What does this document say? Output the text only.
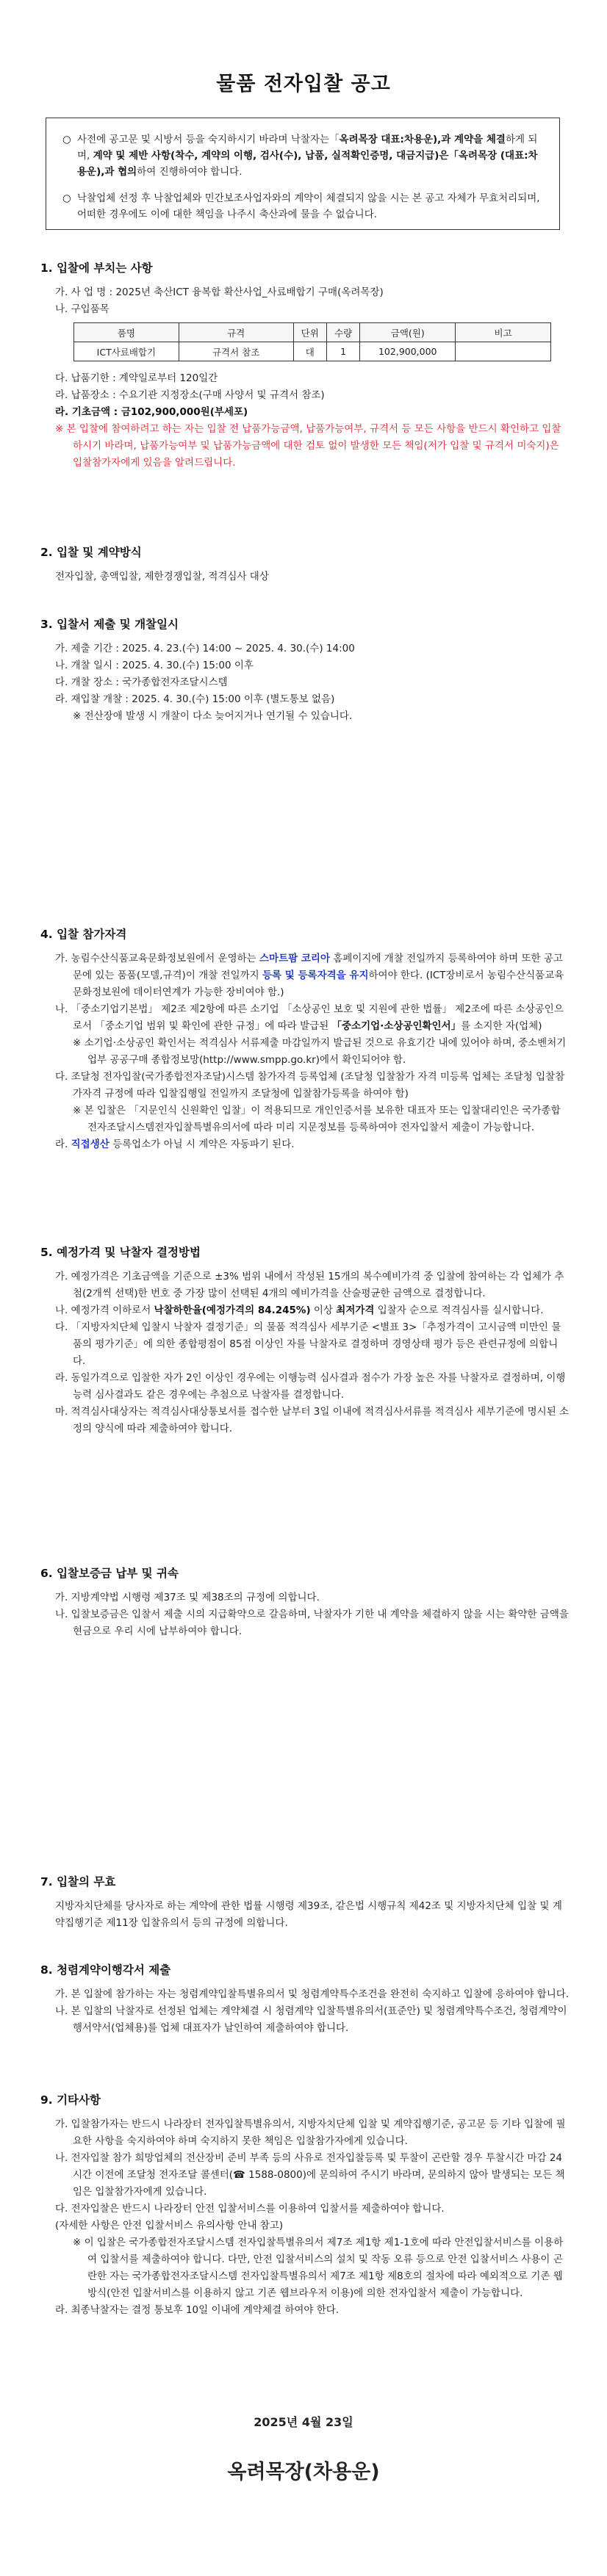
물품 전자입찰 공고

○ 사전에 공고문 및 시방서 등을 숙지하시기 바라며 낙찰자는「옥려목장 대표:차용운),과 계약을 체결하게 되며, 계약 및 제반 사항(착수, 계약의 이행, 검사(수), 납품, 실적확인증명, 대금지급)은「옥려목장 (대표:차용운),과 협의하여 진행하여야 합니다.

○ 낙찰업체 선정 후 낙찰업체와 민간보조사업자와의 계약이 체결되지 않을 시는 본 공고 자체가 무효처리되며, 어떠한 경우에도 이에 대한 책임을 나주시 축산과에 물을 수 없습니다.

1. 입찰에 부치는 사항
가. 사 업 명 : 2025년 축산ICT 융복합 확산사업_사료배합기 구매(옥려목장)
나. 구입품목
품명	규격	단위	수량	금액(원)	비고
ICT사료배합기	규격서 참조	대	1	102,900,000	
다. 납품기한 : 계약일로부터 120일간
라. 납품장소 : 수요기관 지정장소(구매 사양서 및 규격서 참조)
라. 기초금액 : 금102,900,000원(부세포)
※ 본 입찰에 참여하려고 하는 자는 입찰 전 납품가능금액, 납품가능여부, 규격서 등 모든 사항을 반드시 확인하고 입찰하시기 바라며, 납품가능여부 및 납품가능금액에 대한 검토 없이 발생한 모든 책임(저가 입찰 및 규격서 미숙지)은 입찰참가자에게 있음을 알려드립니다.
2. 입찰 및 계약방식
전자입찰, 총액입찰, 제한경쟁입찰, 적격심사 대상
3. 입찰서 제출 및 개찰일시
가. 제출 기간 : 2025. 4. 23.(수) 14:00 ~ 2025. 4. 30.(수) 14:00
나. 개찰 일시 : 2025. 4. 30.(수) 15:00 이후
다. 개찰 장소 : 국가종합전자조달시스템
라. 재입찰 개찰 : 2025. 4. 30.(수) 15:00 이후 (별도통보 없음)
※ 전산장애 발생 시 개찰이 다소 늦어지거나 연기될 수 있습니다.
4. 입찰 참가자격
가. 농림수산식품교육문화정보원에서 운영하는 스마트팜 코리아 홈페이지에 개찰 전일까지 등록하여야 하며 또한 공고문에 있는 품품(모델,규격)이 개찰 전일까지 등록 및 등록자격을 유지하여야 한다. (ICT장비로서 농림수산식품교육문화정보원에 데이터연계가 가능한 장비여야 함.)
나. 「중소기업기본법」 제2조 제2항에 따른 소기업 「소상공인 보호 및 지원에 관한 법률」 제2조에 따른 소상공인으로서 「중소기업 범위 및 확인에 관한 규정」에 따라 발급된 「중소기업·소상공인확인서」를 소지한 자(업체)
※ 소기업·소상공인 확인서는 적격심사 서류제출 마감일까지 발급된 것으로 유효기간 내에 있어야 하며, 중소벤처기업부 공공구매 종합정보망(http://www.smpp.go.kr)에서 확인되어야 함.
다. 조달청 전자입찰(국가종합전자조달)시스템 참가자격 등록업체 (조달청 입찰참가 자격 미등록 업체는 조달청 입찰참가자격 규정에 따라 입찰집행일 전일까지 조달청에 입찰참가등록을 하여야 함)
※ 본 입찰은 「지문인식 신원확인 입찰」이 적용되므로 개인인증서를 보유한 대표자 또는 입찰대리인은 국가종합전자조달시스템전자입찰특별유의서에 따라 미리 지문정보를 등록하여야 전자입찰서 제출이 가능합니다.
라. 직접생산 등록업소가 아닐 시 계약은 자동파기 된다.
5. 예정가격 및 낙찰자 결정방법
가. 예정가격은 기초금액을 기준으로 ±3% 범위 내에서 작성된 15개의 복수예비가격 중 입찰에 참여하는 각 업체가 추첨(2개씩 선택)한 번호 중 가장 많이 선택된 4개의 예비가격을 산술평균한 금액으로 결정합니다.
나. 예정가격 이하로서 낙찰하한율(예정가격의 84.245%) 이상 최저가격 입찰자 순으로 적격심사를 실시합니다.
다. 「지방자치단체 입찰시 낙찰자 결정기준」의 물품 적격심사 세부기준 <별표 3>「추정가격이 고시금액 미만인 물품의 평가기준」에 의한 종합평점이 85점 이상인 자를 낙찰자로 결정하며 경영상태 평가 등은 관련규정에 의합니다.
라. 동일가격으로 입찰한 자가 2인 이상인 경우에는 이행능력 심사결과 점수가 가장 높은 자를 낙찰자로 결정하며, 이행능력 심사결과도 같은 경우에는 추첨으로 낙찰자를 결정합니다.
마. 적격심사대상자는 적격심사대상통보서를 접수한 날부터 3일 이내에 적격심사서류를 적격심사 세부기준에 명시된 소정의 양식에 따라 제출하여야 합니다.
6. 입찰보증금 납부 및 귀속
가. 지방계약법 시행령 제37조 및 제38조의 규정에 의합니다.
나. 입찰보증금은 입찰서 제출 시의 지급확약으로 갈음하며, 낙찰자가 기한 내 계약을 체결하지 않을 시는 확약한 금액을 현금으로 우리 시에 납부하여야 합니다.
7. 입찰의 무효
지방자치단체를 당사자로 하는 계약에 관한 법률 시행령 제39조, 같은법 시행규칙 제42조 및 지방자치단체 입찰 및 계약집행기준 제11장 입찰유의서 등의 규정에 의합니다.
8. 청렴계약이행각서 제출
가. 본 입찰에 참가하는 자는 청렴계약입찰특별유의서 및 청렴계약특수조건을 완전히 숙지하고 입찰에 응하여야 합니다.
나. 본 입찰의 낙찰자로 선정된 업체는 계약체결 시 청렴계약 입찰특별유의서(표준안) 및 청렴계약특수조건, 청렴계약이행서약서(업체용)를 업체 대표자가 날인하여 제출하여야 합니다.
9. 기타사항
가. 입찰참가자는 반드시 나라장터 전자입찰특별유의서, 지방자치단체 입찰 및 계약집행기준, 공고문 등 기타 입찰에 필요한 사항을 숙지하여야 하며 숙지하지 못한 책임은 입찰참가자에게 있습니다.
나. 전자입찰 참가 희망업체의 전산장비 준비 부족 등의 사유로 전자입찰등록 및 투찰이 곤란할 경우 투찰시간 마감 24시간 이전에 조달청 전자조달 콜센터(☎ 1588-0800)에 문의하여 주시기 바라며, 문의하지 않아 발생되는 모든 책임은 입찰참가자에게 있습니다.
다. 전자입찰은 반드시 나라장터 안전 입찰서비스를 이용하여 입찰서를 제출하여야 합니다.
(자세한 사항은 안전 입찰서비스 유의사항 안내 참고)
※ 이 입찰은 국가종합전자조달시스템 전자입찰특별유의서 제7조 제1항 제1-1호에 따라 안전입찰서비스를 이용하여 입찰서를 제출하여야 합니다. 다만, 안전 입찰서비스의 설치 및 작동 오류 등으로 안전 입찰서비스 사용이 곤란한 자는 국가종합전자조달시스템 전자입찰특별유의서 제7조 제1항 제8호의 절차에 따라 예외적으로 기존 웹방식(안전 입찰서비스를 이용하지 않고 기존 웹브라우저 이용)에 의한 전자입찰서 제출이 가능합니다.
라. 최종낙찰자는 결정 통보후 10일 이내에 계약체결 하여야 한다.
2025년 4월 23일
옥려목장(차용운)
